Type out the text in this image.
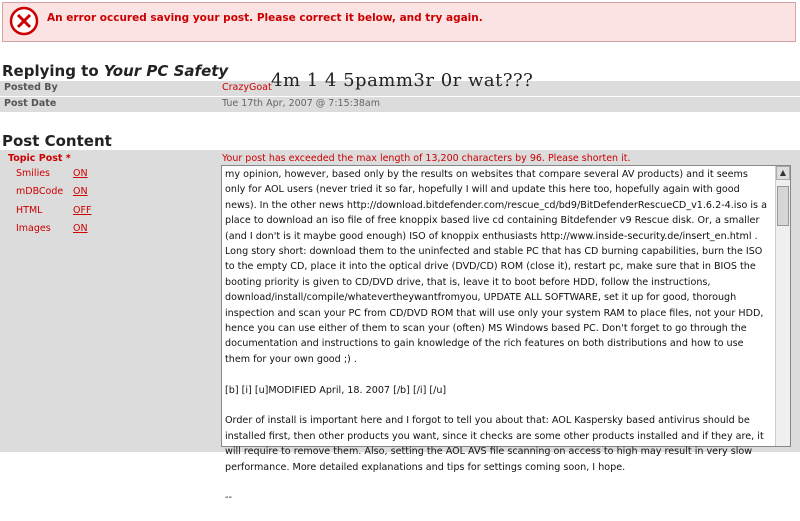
An error occured saving your post. Please correct it below, and try again.
Replying to Your PC Safety
Posted By	CrazyGoat
Post Date	Tue 17th Apr, 2007 @ 7:15:38am
4m 1 4 5pamm3r 0r wat???
Post Content
Topic Post *	Your post has exceeded the max length of 13,200 characters by 96. Please shorten it.
Smilies ON
mDBCode ON
HTML	OFF
Images ON

my opinion, however, based only by the results on websites that compare several AV products) and it seems only for AOL users (never tried it so far, hopefully I will and update this here too, hopefully again with good news). In the other news http://download.bitdefender.com/rescue_cd/bd9/BitDefenderRescueCD_v1.6.2-4.iso is a place to download an iso file of free knoppix based live cd containing Bitdefender v9 Rescue disk. Or, a smaller (and I don't is it maybe good enough) ISO of knoppix enthusiasts http://www.inside-security.de/insert_en.html . Long story short: download them to the uninfected and stable PC that has CD burning capabilities, burn the ISO to the empty CD, place it into the optical drive (DVD/CD) ROM (close it), restart pc, make sure that in BIOS the booting priority is given to CD/DVD drive, that is, leave it to boot before HDD, follow the instructions, download/install/compile/whatevertheywantfromyou, UPDATE ALL SOFTWARE, set it up for good, thorough inspection and scan your PC from CD/DVD ROM that will use only your system RAM to place files, not your HDD, hence you can use either of them to scan your (often) MS Windows based PC. Don't forget to go through the documentation and instructions to gain knowledge of the rich features on both distributions and how to use them for your own good ;) .

[b] [i] [u]MODIFIED April, 18. 2007 [/b] [/i] [/u]

Order of install is important here and I forgot to tell you about that: AOL Kaspersky based antivirus should be installed first, then other products you want, since it checks are some other products installed and if they are, it will require to remove them. Also, setting the AOL AVS file scanning on access to high may result in very slow performance. More detailed explanations and tips for settings coming soon, I hope.

--

▲
